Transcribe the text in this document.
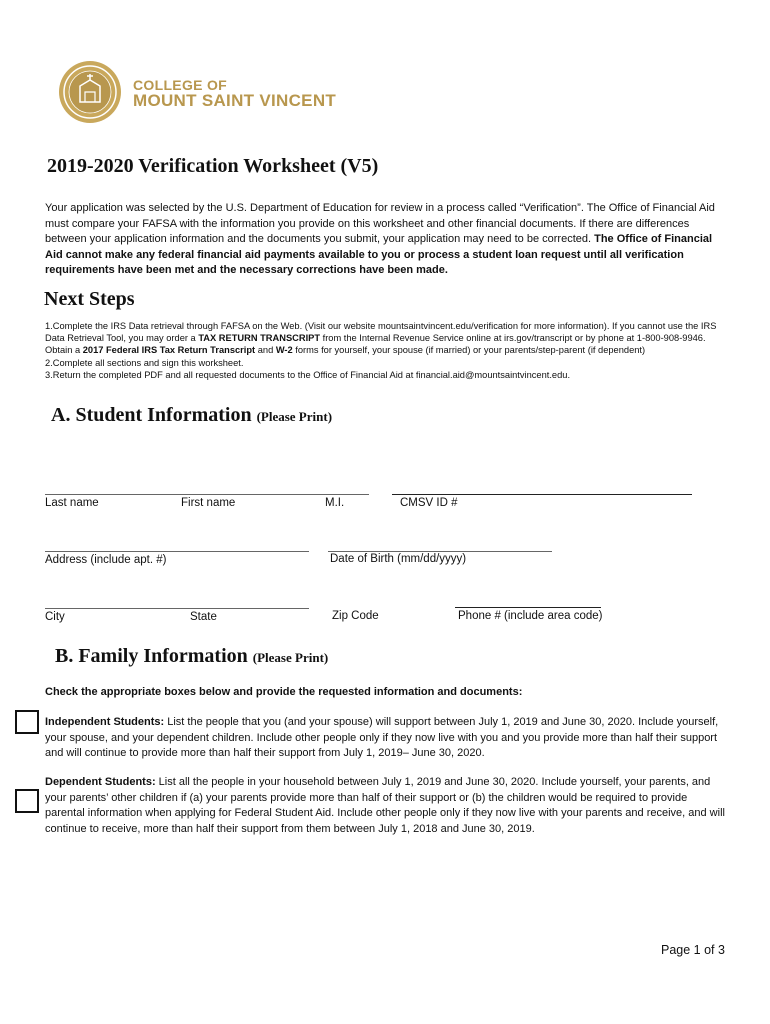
COLLEGE OF
MOUNT SAINT VINCENT
2019-2020 Verification Worksheet (V5)
Your application was selected by the U.S. Department of Education for review in a process called “Verification”. The Office of Financial Aid must compare your FAFSA with the information you provide on this worksheet and other financial documents. If there are differences between your application information and the documents you submit, your application may need to be corrected. The Office of Financial Aid cannot make any federal financial aid payments available to you or process a student loan request until all verification requirements have been met and the necessary corrections have been made.
Next Steps

1.Complete the IRS Data retrieval through FAFSA on the Web. (Visit our website mountsaintvincent.edu/verification for more information). If you cannot use the IRS Data Retrieval Tool, you may order a TAX RETURN TRANSCRIPT from the Internal Revenue Service online at irs.gov/transcript or by phone at 1-800-908-9946. Obtain a 2017 Federal IRS Tax Return Transcript and W-2 forms for yourself, your spouse (if married) or your parents/step-parent (if dependent)

2.Complete all sections and sign this worksheet.

3.Return the completed PDF and all requested documents to the Office of Financial Aid at financial.aid@mountsaintvincent.edu.

A. Student Information (Please Print)
Last name	First name	M.I.	CMSV ID #
Address (include apt. #)	Date of Birth (mm/dd/yyyy)
City	State	Zip Code	Phone # (include area code)
B. Family Information (Please Print)
Check the appropriate boxes below and provide the requested information and documents:
Independent Students: List the people that you (and your spouse) will support between July 1, 2019 and June 30, 2020. Include yourself, your spouse, and your dependent children. Include other people only if they now live with you and you provide more than half their support and will continue to provide more than half their support from July 1, 2019– June 30, 2020.
Dependent Students: List all the people in your household between July 1, 2019 and June 30, 2020. Include yourself, your parents, and your parents’ other children if (a) your parents provide more than half of their support or (b) the children would be required to provide parental information when applying for Federal Student Aid. Include other people only if they now live with your parents and receive, and will continue to receive, more than half their support from them between July 1, 2018 and June 30, 2019.
Page 1 of 3
